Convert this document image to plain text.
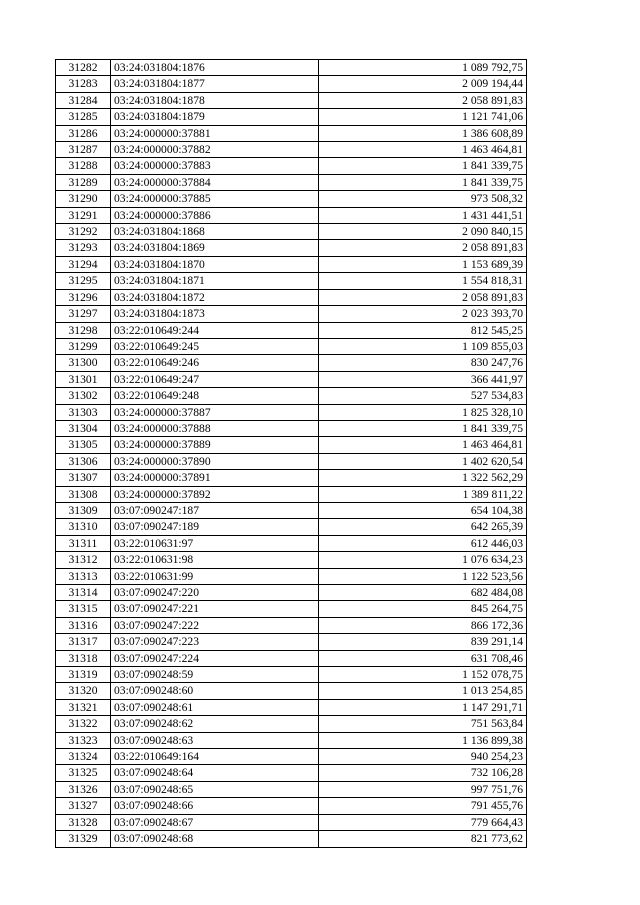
31282	03:24:031804:1876	1 089 792,75
31283	03:24:031804:1877	2 009 194,44
31284	03:24:031804:1878	2 058 891,83
31285	03:24:031804:1879	1 121 741,06
31286	03:24:000000:37881	1 386 608,89
31287	03:24:000000:37882	1 463 464,81
31288	03:24:000000:37883	1 841 339,75
31289	03:24:000000:37884	1 841 339,75
31290	03:24:000000:37885	973 508,32
31291	03:24:000000:37886	1 431 441,51
31292	03:24:031804:1868	2 090 840,15
31293	03:24:031804:1869	2 058 891,83
31294	03:24:031804:1870	1 153 689,39
31295	03:24:031804:1871	1 554 818,31
31296	03:24:031804:1872	2 058 891,83
31297	03:24:031804:1873	2 023 393,70
31298	03:22:010649:244	812 545,25
31299	03:22:010649:245	1 109 855,03
31300	03:22:010649:246	830 247,76
31301	03:22:010649:247	366 441,97
31302	03:22:010649:248	527 534,83
31303	03:24:000000:37887	1 825 328,10
31304	03:24:000000:37888	1 841 339,75
31305	03:24:000000:37889	1 463 464,81
31306	03:24:000000:37890	1 402 620,54
31307	03:24:000000:37891	1 322 562,29
31308	03:24:000000:37892	1 389 811,22
31309	03:07:090247:187	654 104,38
31310	03:07:090247:189	642 265,39
31311	03:22:010631:97	612 446,03
31312	03:22:010631:98	1 076 634,23
31313	03:22:010631:99	1 122 523,56
31314	03:07:090247:220	682 484,08
31315	03:07:090247:221	845 264,75
31316	03:07:090247:222	866 172,36
31317	03:07:090247:223	839 291,14
31318	03:07:090247:224	631 708,46
31319	03:07:090248:59	1 152 078,75
31320	03:07:090248:60	1 013 254,85
31321	03:07:090248:61	1 147 291,71
31322	03:07:090248:62	751 563,84
31323	03:07:090248:63	1 136 899,38
31324	03:22:010649:164	940 254,23
31325	03:07:090248:64	732 106,28
31326	03:07:090248:65	997 751,76
31327	03:07:090248:66	791 455,76
31328	03:07:090248:67	779 664,43
31329	03:07:090248:68	821 773,62
